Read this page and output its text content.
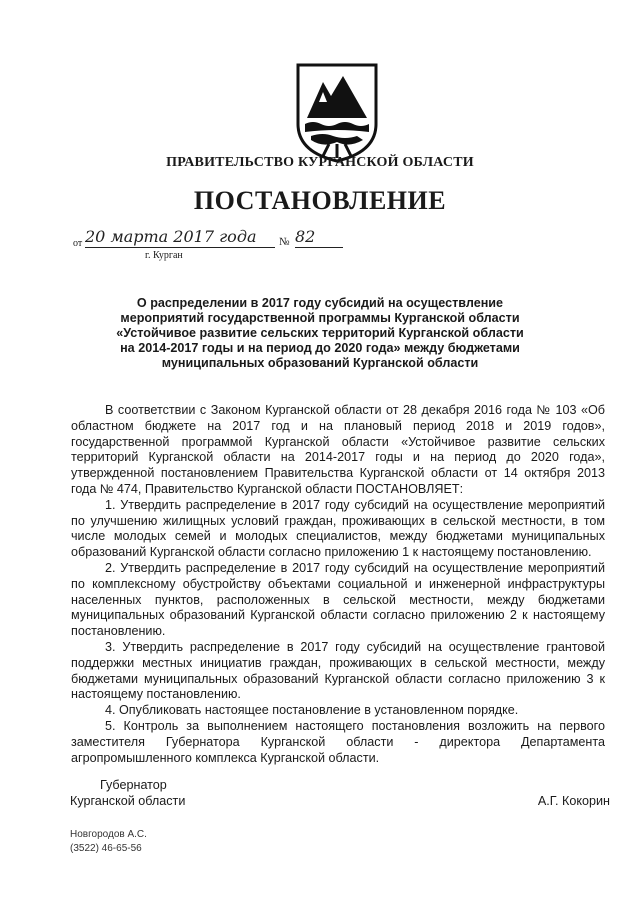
ПРАВИТЕЛЬСТВО КУРГАНСКОЙ ОБЛАСТИ
ПОСТАНОВЛЕНИЕ
от 20 марта 2017 года	№ 82
г. Курган
О распределении в 2017 году субсидий на осуществление
мероприятий государственной программы Курганской области
«Устойчивое развитие сельских территорий Курганской области
на 2014-2017 годы и на период до 2020 года» между бюджетами
муниципальных образований Курганской области

В соответствии с Законом Курганской области от 28 декабря 2016 года № 103 «Об областном бюджете на 2017 год и на плановый период 2018 и 2019 годов», государственной программой Курганской области «Устойчивое развитие сельских территорий Курганской области на 2014-2017 годы и на период до 2020 года», утвержденной постановлением Правительства Курганской области от 14 октября 2013 года № 474, Правительство Курганской области ПОСТАНОВЛЯЕТ:

1. Утвердить распределение в 2017 году субсидий на осуществление мероприятий по улучшению жилищных условий граждан, проживающих в сельской местности, в том числе молодых семей и молодых специалистов, между бюджетами муниципальных образований Курганской области согласно приложению 1 к настоящему постановлению.

2. Утвердить распределение в 2017 году субсидий на осуществление мероприятий по комплексному обустройству объектами социальной и инженерной инфраструктуры населенных пунктов, расположенных в сельской местности, между бюджетами муниципальных образований Курганской области согласно приложению 2 к настоящему постановлению.

3. Утвердить распределение в 2017 году субсидий на осуществление грантовой поддержки местных инициатив граждан, проживающих в сельской местности, между бюджетами муниципальных образований Курганской области согласно приложению 3 к настоящему постановлению.

4. Опубликовать настоящее постановление в установленном порядке.

5. Контроль за выполнением настоящего постановления возложить на первого заместителя Губернатора Курганской области - директора Департамента агропромышленного комплекса Курганской области.

Губернатор
Курганской области	А.Г. Кокорин
Новгородов А.С.
(3522) 46-65-56
